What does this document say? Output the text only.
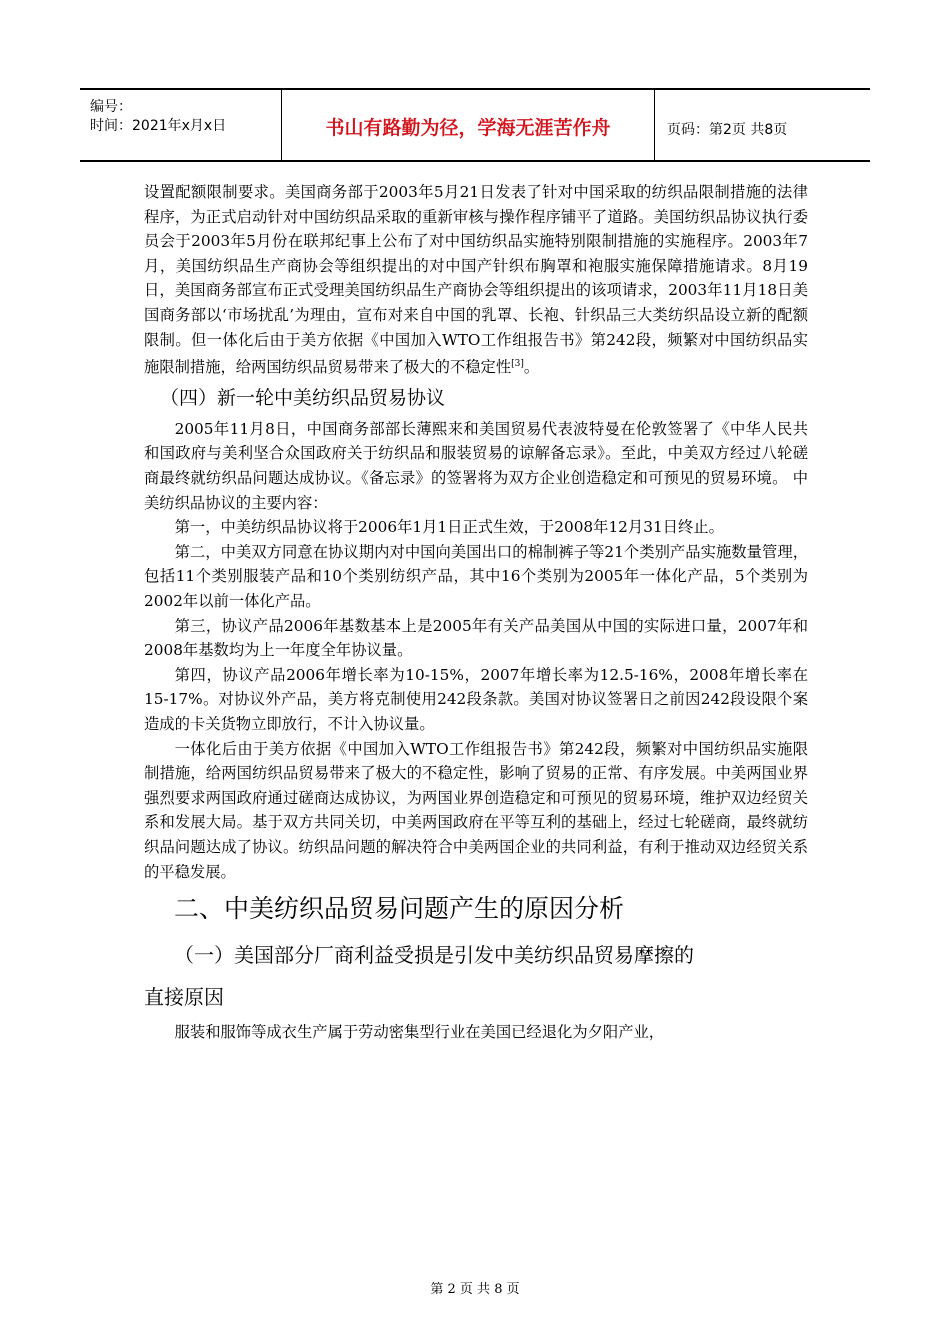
编号：
时间：2021年x月x日	书山有路勤为径，学海无涯苦作舟	页码：第2页 共8页

设置配额限制要求。美国商务部于2003年5月21日发表了针对中国采取的纺织品限制措施的法律程序，为正式启动针对中国纺织品采取的重新审核与操作程序铺平了道路。美国纺织品协议执行委员会于2003年5月份在联邦纪事上公布了对中国纺织品实施特别限制措施的实施程序。2003年7月，美国纺织品生产商协会等组织提出的对中国产针织布胸罩和袍服实施保障措施请求。8月19日，美国商务部宣布正式受理美国纺织品生产商协会等组织提出的该项请求，2003年11月18日美国商务部以‘市场扰乱’为理由，宣布对来自中国的乳罩、长袍、针织品三大类纺织品设立新的配额限制。但一体化后由于美方依据《中国加入WTO工作组报告书》第242段，频繁对中国纺织品实施限制措施，给两国纺织品贸易带来了极大的不稳定性[3]。

（四）新一轮中美纺织品贸易协议

2005年11月8日，中国商务部部长薄熙来和美国贸易代表波特曼在伦敦签署了《中华人民共和国政府与美利坚合众国政府关于纺织品和服装贸易的谅解备忘录》。至此，中美双方经过八轮磋商最终就纺织品问题达成协议。《备忘录》的签署将为双方企业创造稳定和可预见的贸易环境。 中美纺织品协议的主要内容：

第一，中美纺织品协议将于2006年1月1日正式生效，于2008年12月31日终止。

第二，中美双方同意在协议期内对中国向美国出口的棉制裤子等21个类别产品实施数量管理，包括11个类别服装产品和10个类别纺织产品，其中16个类别为2005年一体化产品，5个类别为2002年以前一体化产品。

第三，协议产品2006年基数基本上是2005年有关产品美国从中国的实际进口量，2007年和2008年基数均为上一年度全年协议量。

第四，协议产品2006年增长率为10-15%，2007年增长率为12.5-16%，2008年增长率在15-17%。对协议外产品，美方将克制使用242段条款。美国对协议签署日之前因242段设限个案造成的卡关货物立即放行，不计入协议量。

一体化后由于美方依据《中国加入WTO工作组报告书》第242段，频繁对中国纺织品实施限制措施，给两国纺织品贸易带来了极大的不稳定性，影响了贸易的正常、有序发展。中美两国业界强烈要求两国政府通过磋商达成协议，为两国业界创造稳定和可预见的贸易环境，维护双边经贸关系和发展大局。基于双方共同关切，中美两国政府在平等互利的基础上，经过七轮磋商，最终就纺织品问题达成了协议。纺织品问题的解决符合中美两国企业的共同利益，有利于推动双边经贸关系的平稳发展。

二、中美纺织品贸易问题产生的原因分析
（一）美国部分厂商利益受损是引发中美纺织品贸易摩擦的
直接原因

服装和服饰等成衣生产属于劳动密集型行业在美国已经退化为夕阳产业，

第 2 页 共 8 页
